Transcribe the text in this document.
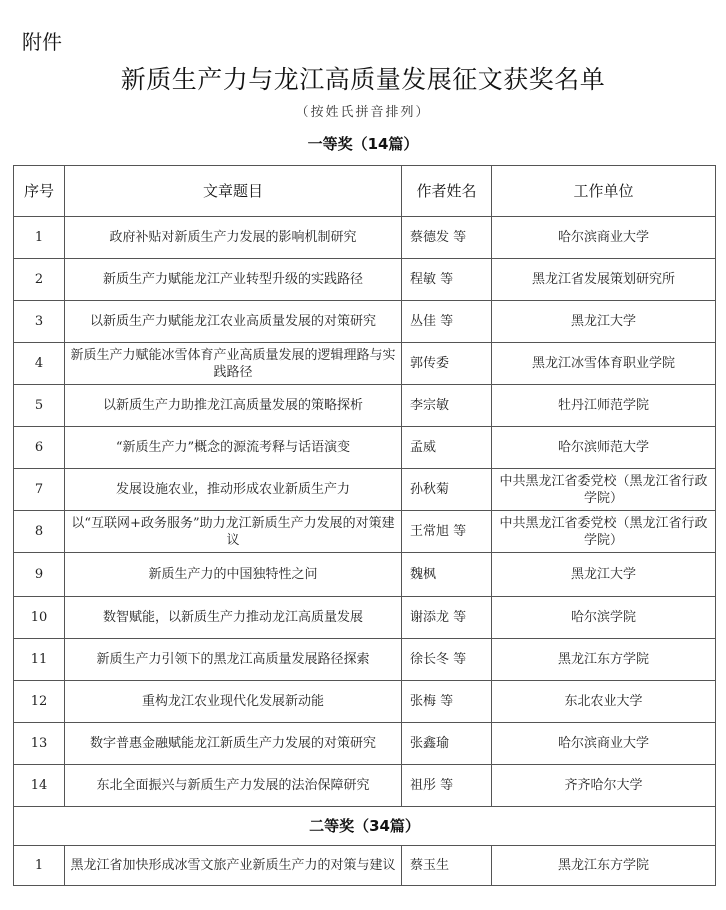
附件
新质生产力与龙江高质量发展征文获奖名单
（按姓氏拼音排列）
一等奖（14篇）
序号	文章题目	作者姓名	工作单位
1	政府补贴对新质生产力发展的影响机制研究	蔡德发 等	哈尔滨商业大学
2	新质生产力赋能龙江产业转型升级的实践路径	程敏 等	黑龙江省发展策划研究所
3	以新质生产力赋能龙江农业高质量发展的对策研究	丛佳 等	黑龙江大学
4	新质生产力赋能冰雪体育产业高质量发展的逻辑理路与实践路径	郭传委	黑龙江冰雪体育职业学院
5	以新质生产力助推龙江高质量发展的策略探析	李宗敏	牡丹江师范学院
6	“新质生产力”概念的源流考释与话语演变	孟威	哈尔滨师范大学
7	发展设施农业，推动形成农业新质生产力	孙秋菊	中共黑龙江省委党校（黑龙江省行政学院）
8	以“互联网+政务服务”助力龙江新质生产力发展的对策建议	王常旭 等	中共黑龙江省委党校（黑龙江省行政学院）
9	新质生产力的中国独特性之问	魏枫	黑龙江大学
10	数智赋能，以新质生产力推动龙江高质量发展	谢添龙 等	哈尔滨学院
11	新质生产力引领下的黑龙江高质量发展路径探索	徐长冬 等	黑龙江东方学院
12	重构龙江农业现代化发展新动能	张梅 等	东北农业大学
13	数字普惠金融赋能龙江新质生产力发展的对策研究	张鑫瑜	哈尔滨商业大学
14	东北全面振兴与新质生产力发展的法治保障研究	祖彤 等	齐齐哈尔大学
二等奖（34篇）			
1	黑龙江省加快形成冰雪文旅产业新质生产力的对策与建议	蔡玉生	黑龙江东方学院
